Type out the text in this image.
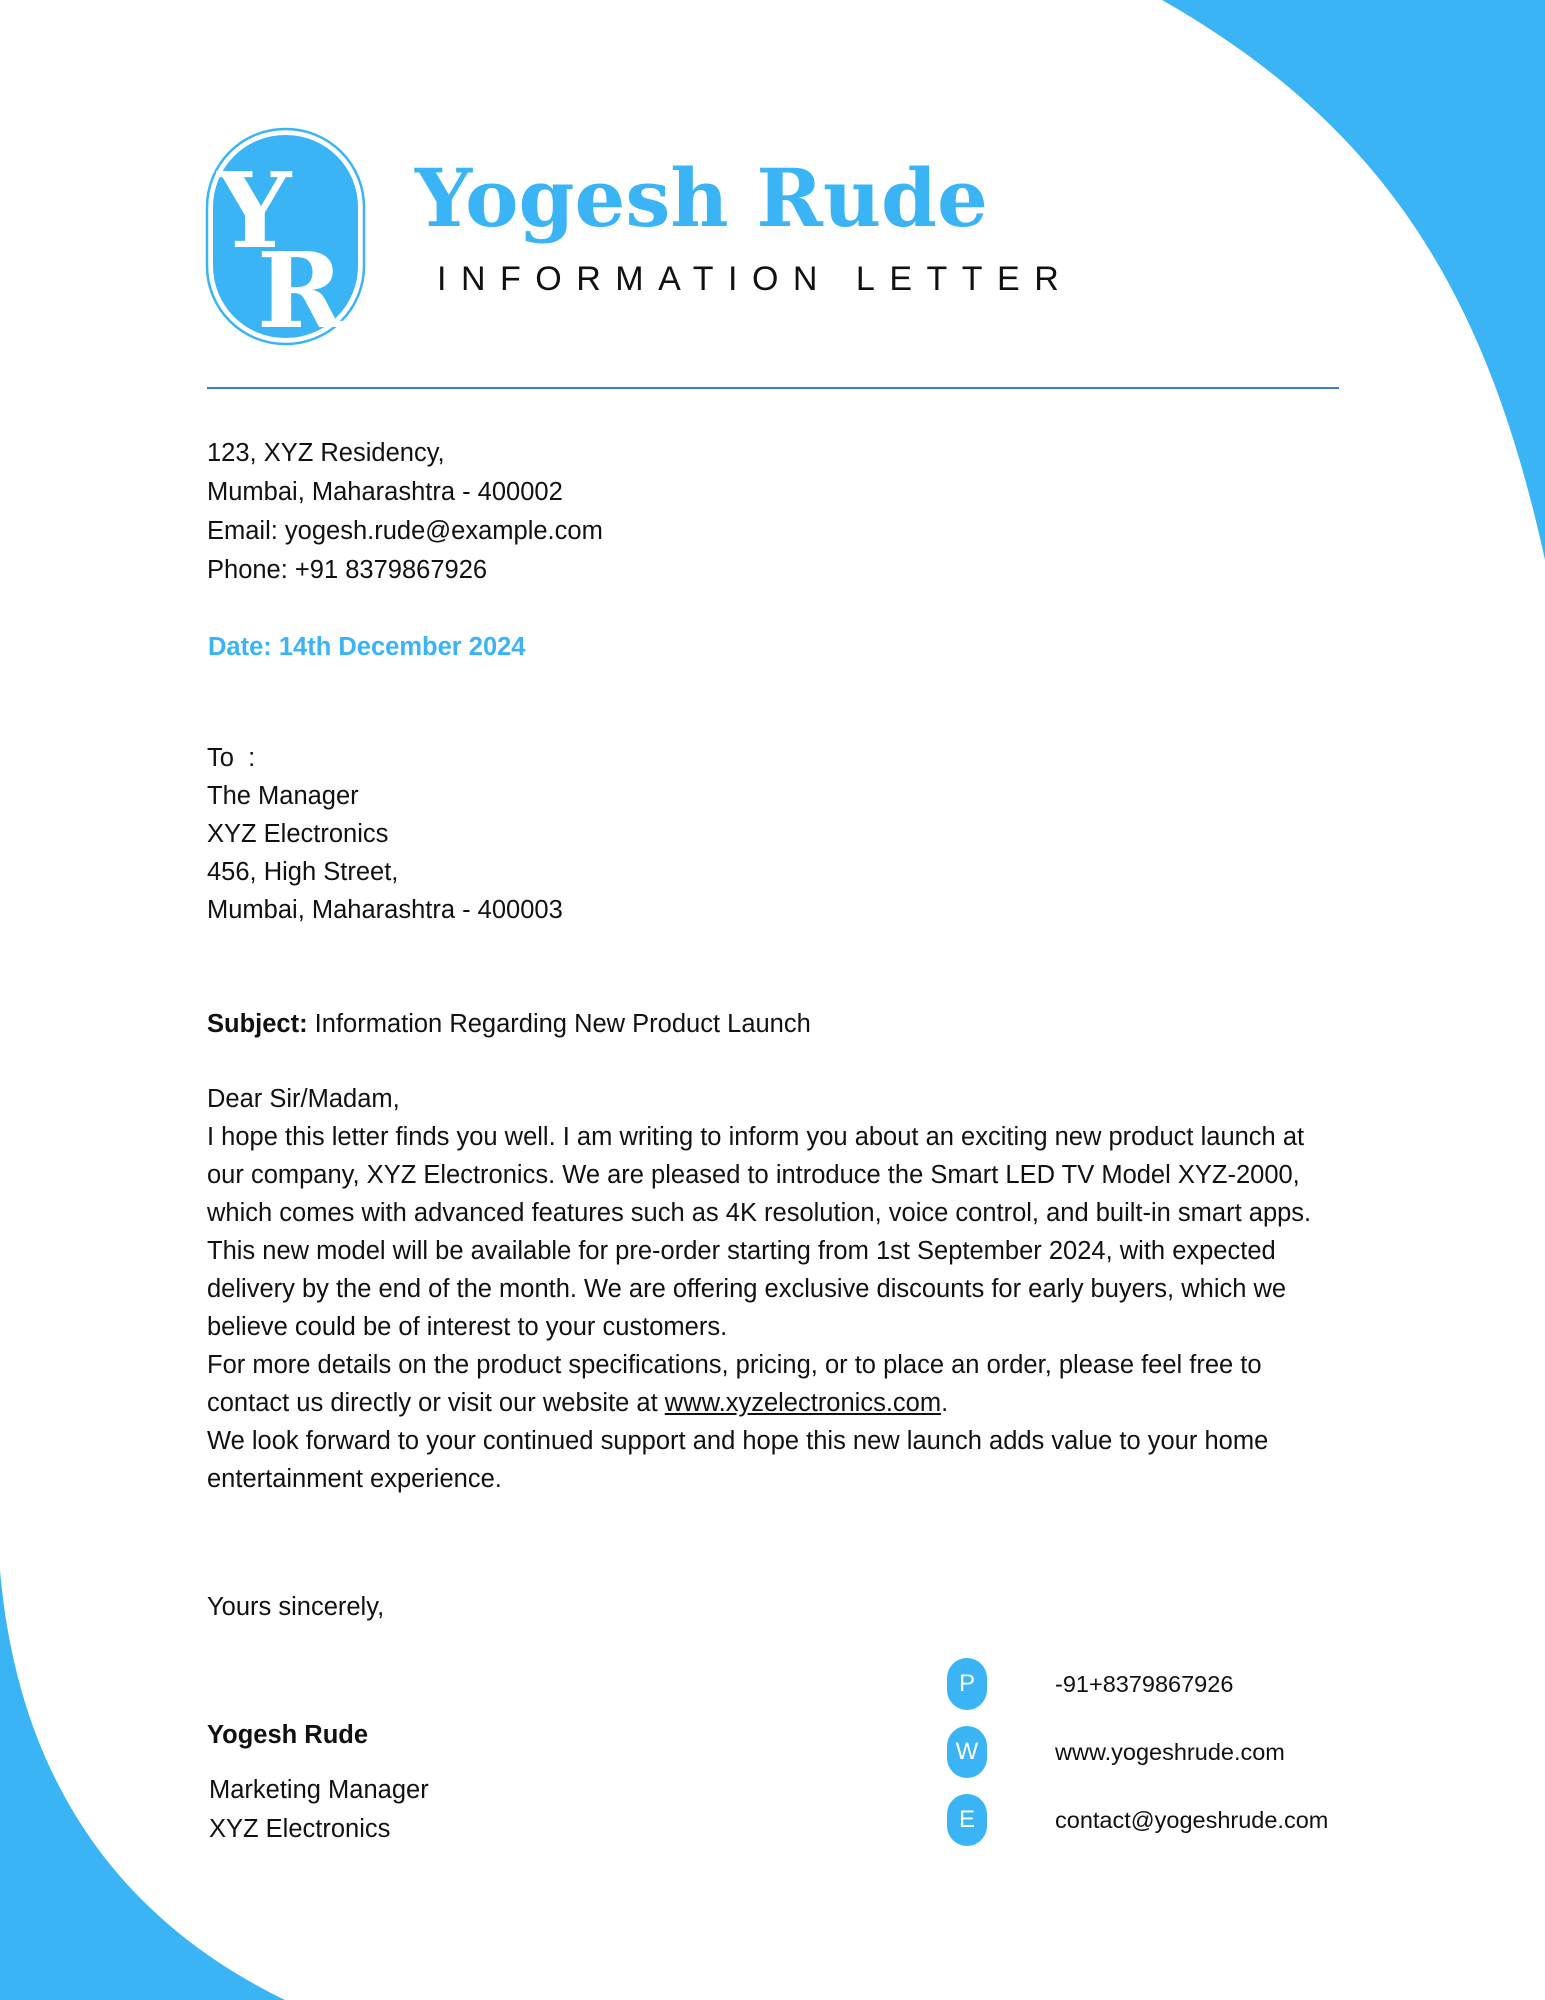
Y
R
Yogesh Rude
INFORMATION LETTER
123, XYZ Residency,
Mumbai, Maharashtra - 400002
Email: yogesh.rude@example.com
Phone: +91 8379867926
Date: 14th December 2024
To  :
The Manager
XYZ Electronics
456, High Street,
Mumbai, Maharashtra - 400003
Subject: Information Regarding New Product Launch
Dear Sir/Madam,
I hope this letter finds you well. I am writing to inform you about an exciting new product launch at our company, XYZ Electronics. We are pleased to introduce the Smart LED TV Model XYZ-2000, which comes with advanced features such as 4K resolution, voice control, and built-in smart apps.
This new model will be available for pre-order starting from 1st September 2024, with expected delivery by the end of the month. We are offering exclusive discounts for early buyers, which we believe could be of interest to your customers.
For more details on the product specifications, pricing, or to place an order, please feel free to contact us directly or visit our website at www.xyzelectronics.com.
We look forward to your continued support and hope this new launch adds value to your home entertainment experience.
Yours sincerely,
Yogesh Rude
Marketing Manager
XYZ Electronics
P	-91+8379867926
W	www.yogeshrude.com
E	contact@yogeshrude.com
